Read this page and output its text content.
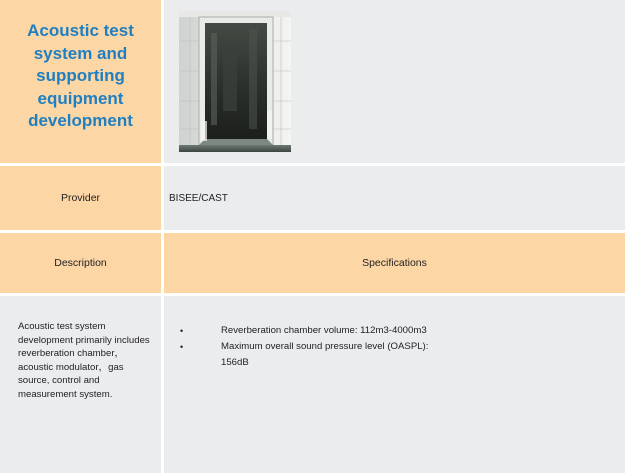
Acoustic test system and supporting equipment development
Provider	BISEE/CAST
Description	Specifications
Acoustic test system development primarily includes reverberation chamber，acoustic modulator，gas source, control and measurement system.
•	Reverberation chamber volume: 112m3-4000m3
•	Maximum overall sound pressure level (OASPL): 156dB
